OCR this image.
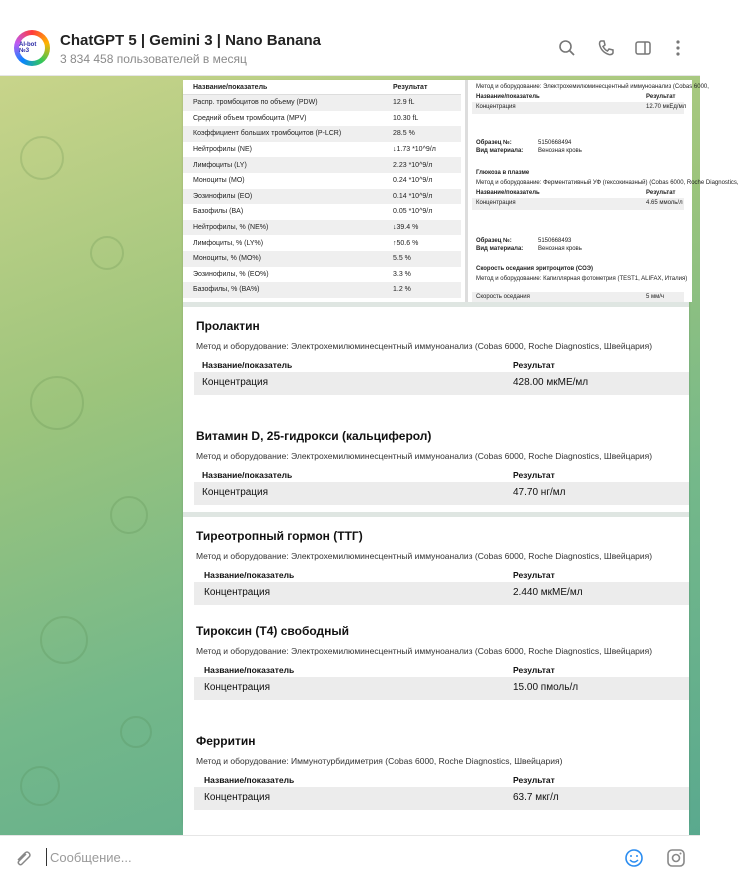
AI-bot №3
ChatGPT 5 | Gemini 3 | Nano Banana
3 834 458 пользователей в месяц
Название/показатель	Результат
Распр. тромбоцитов по объему (PDW)	12.9 fL
Средний объем тромбоцита (MPV)	10.30 fL
Коэффициент больших тромбоцитов (P-LCR)	28.5 %
Нейтрофилы (NE)	↓1.73 *10^9/л
Лимфоциты (LY)	2.23 *10^9/л
Моноциты (MO)	0.24 *10^9/л
Эозинофилы (EO)	0.14 *10^9/л
Базофилы (BA)	0.05 *10^9/л
Нейтрофилы, % (NE%)	↓39.4 %
Лимфоциты, % (LY%)	↑50.6 %
Моноциты, % (MO%)	5.5 %
Эозинофилы, % (EO%)	3.3 %
Базофилы, % (BA%)	1.2 %
Метод и оборудование: Электрохемилюминесцентный иммуноанализ (Cobas 6000,
Название/показатель	Результат
Концентрация	12.70 мкЕд/мл
Образец №:	5150668494
Вид материала: Венозная кровь
Глюкоза в плазме
Метод и оборудование: Ферментативный УФ (гексокиназный) (Cobas 6000, Roche Diagnostics,
Название/показатель	Результат
Концентрация	4.65 ммоль/л
Образец №:	5150668493
Вид материала: Венозная кровь
Скорость оседания эритроцитов (СОЭ)
Метод и оборудование: Капиллярная фотометрия (TEST1, ALIFAX, Италия)
Скорость оседания	5 мм/ч
Пролактин
Метод и оборудование: Электрохемилюминесцентный иммуноанализ (Cobas 6000, Roche Diagnostics, Швейцария)
Название/показатель	Результат
Концентрация	428.00 мкМЕ/мл
Витамин D, 25-гидрокси (кальциферол)
Метод и оборудование: Электрохемилюминесцентный иммуноанализ (Cobas 6000, Roche Diagnostics, Швейцария)
Название/показатель	Результат
Концентрация	47.70 нг/мл
Тиреотропный гормон (ТТГ)
Метод и оборудование: Электрохемилюминесцентный иммуноанализ (Cobas 6000, Roche Diagnostics, Швейцария)
Название/показатель	Результат
Концентрация	2.440 мкМЕ/мл
Тироксин (Т4) свободный
Метод и оборудование: Электрохемилюминесцентный иммуноанализ (Cobas 6000, Roche Diagnostics, Швейцария)
Название/показатель	Результат
Концентрация	15.00 пмоль/л
Ферритин
Метод и оборудование: Иммунотурбидиметрия (Cobas 6000, Roche Diagnostics, Швейцария)
Название/показатель	Результат
Концентрация	63.7 мкг/л
Сообщение...
